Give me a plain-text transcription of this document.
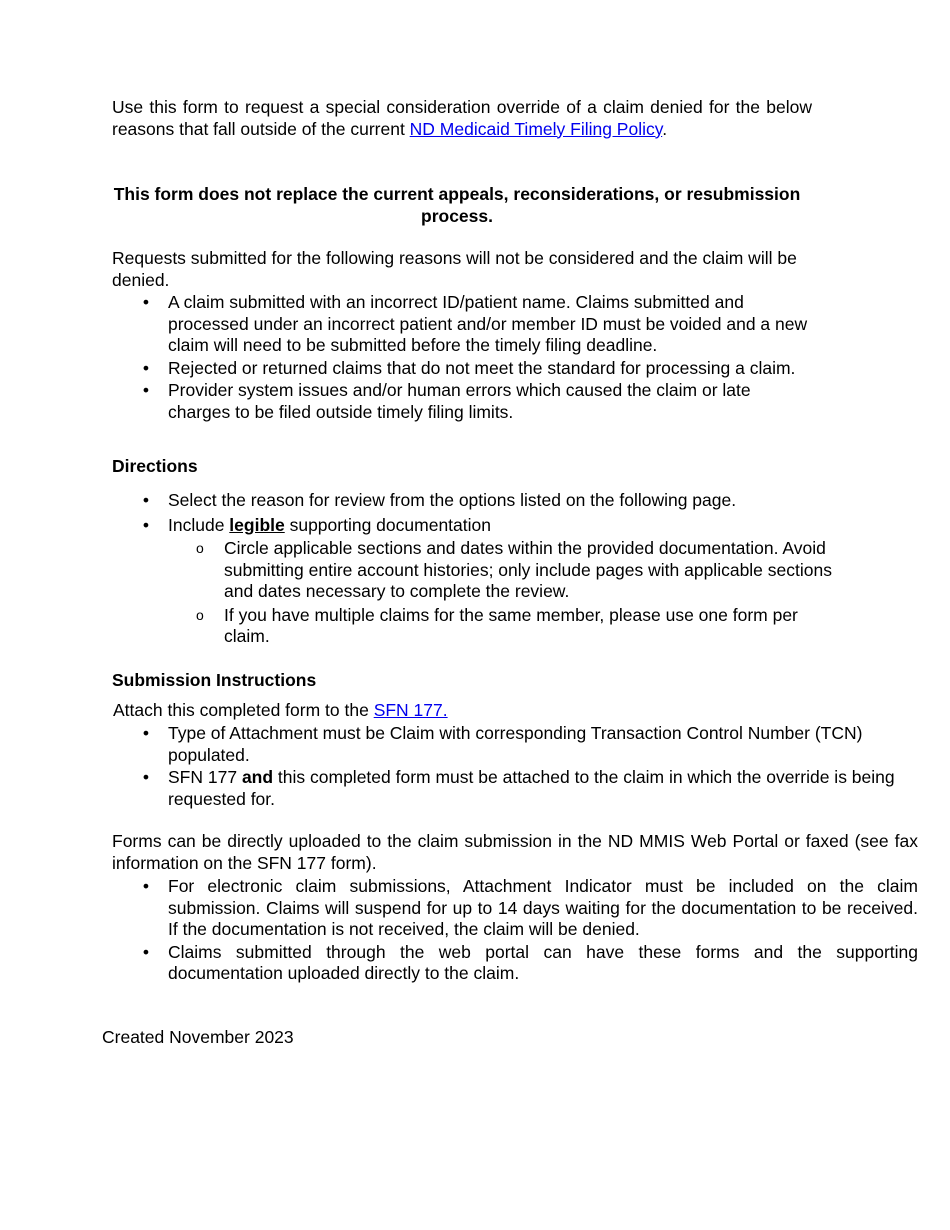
Use this form to request a special consideration override of a claim denied for the below reasons that fall outside of the current ND Medicaid Timely Filing Policy.

This form does not replace the current appeals, reconsiderations, or resubmission process.

Requests submitted for the following reasons will not be considered and the claim will be denied.

• A claim submitted with an incorrect ID/patient name. Claims submitted and processed under an incorrect patient and/or member ID must be voided and a new claim will need to be submitted before the timely filing deadline.
• Rejected or returned claims that do not meet the standard for processing a claim.
• Provider system issues and/or human errors which caused the claim or late charges to be filed outside timely filing limits.

Directions

• Select the reason for review from the options listed on the following page.
• Include legible supporting documentation
o Circle applicable sections and dates within the provided documentation. Avoid submitting entire account histories; only include pages with applicable sections and dates necessary to complete the review.
o If you have multiple claims for the same member, please use one form per claim.

Submission Instructions

Attach this completed form to the SFN 177.

• Type of Attachment must be Claim with corresponding Transaction Control Number (TCN) populated.
• SFN 177 and this completed form must be attached to the claim in which the override is being requested for.

Forms can be directly uploaded to the claim submission in the ND MMIS Web Portal or faxed (see fax information on the SFN 177 form).

• For electronic claim submissions, Attachment Indicator must be included on the claim submission. Claims will suspend for up to 14 days waiting for the documentation to be received. If the documentation is not received, the claim will be denied.
• Claims submitted through the web portal can have these forms and the supporting documentation uploaded directly to the claim.

Created November 2023
